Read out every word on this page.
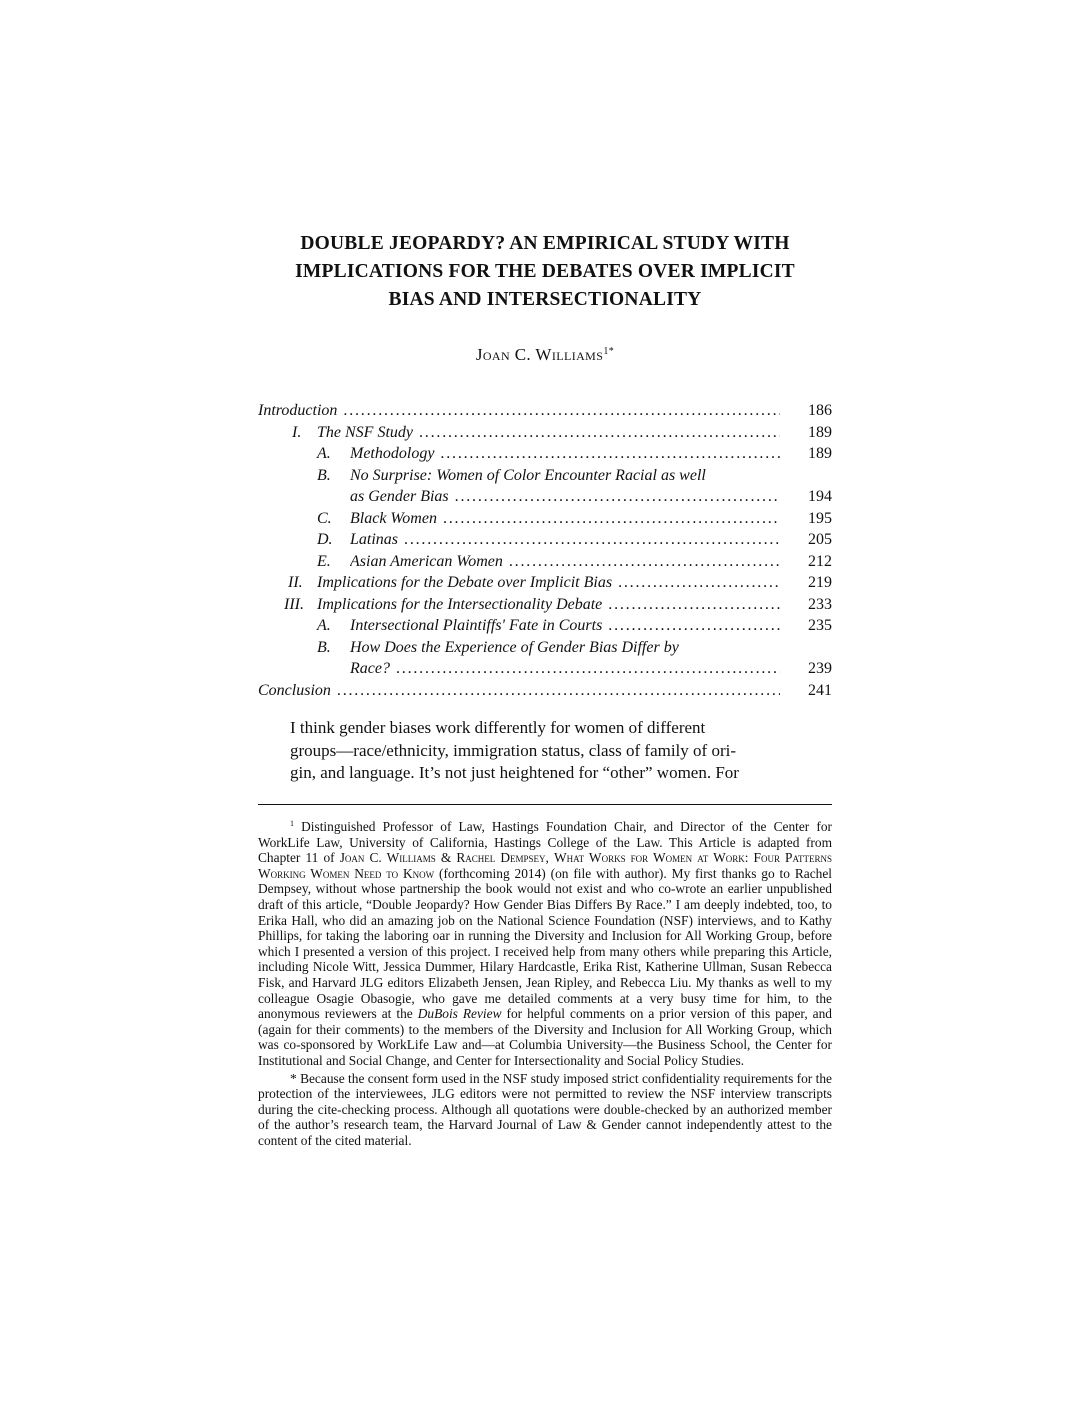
DOUBLE JEOPARDY? AN EMPIRICAL STUDY WITH
IMPLICATIONS FOR THE DEBATES OVER IMPLICIT
BIAS AND INTERSECTIONALITY
Joan C. Williams$^{1*}$
Introduction . . .	186
I. The NSF Study . . .	189
A. Methodology . . .	189
B. No Surprise: Women of Color Encounter Racial as well
as Gender Bias . . .	194
C. Black Women . . .	195
D. Latinas . . .	205
E. Asian American Women . . .	212
II. Implications for the Debate over Implicit Bias . . .	219
III. Implications for the Intersectionality Debate . . .	233
A. Intersectional Plaintiffs' Fate in Courts . . .	235
B. How Does the Experience of Gender Bias Differ by
Race? . . .	239
Conclusion . . .	241
I think gender biases work differently for women of different
groups—race/ethnicity, immigration status, class of family of ori-
gin, and language. It’s not just heightened for “other” women. For

$^1$ Distinguished Professor of Law, Hastings Foundation Chair, and Director of the Center for WorkLife Law, University of California, Hastings College of the Law. This Article is adapted from Chapter 11 of Joan C. Williams & Rachel Dempsey, What Works for Women at Work: Four Patterns Working Women Need to Know (forthcoming 2014) (on file with author). My first thanks go to Rachel Dempsey, without whose partnership the book would not exist and who co-wrote an earlier unpublished draft of this article, “Double Jeopardy? How Gender Bias Differs By Race.” I am deeply indebted, too, to Erika Hall, who did an amazing job on the National Science Foundation (NSF) interviews, and to Kathy Phillips, for taking the laboring oar in running the Diversity and Inclusion for All Working Group, before which I presented a version of this project. I received help from many others while preparing this Article, including Nicole Witt, Jessica Dummer, Hilary Hardcastle, Erika Rist, Katherine Ullman, Susan Rebecca Fisk, and Harvard JLG editors Elizabeth Jensen, Jean Ripley, and Rebecca Liu. My thanks as well to my colleague Osagie Obasogie, who gave me detailed comments at a very busy time for him, to the anonymous reviewers at the DuBois Review for helpful comments on a prior version of this paper, and (again for their comments) to the members of the Diversity and Inclusion for All Working Group, which was co-sponsored by WorkLife Law and—at Columbia University—the Business School, the Center for Institutional and Social Change, and Center for Intersectionality and Social Policy Studies.

* Because the consent form used in the NSF study imposed strict confidentiality requirements for the protection of the interviewees, JLG editors were not permitted to review the NSF interview transcripts during the cite-checking process. Although all quotations were double-checked by an authorized member of the author’s research team, the Harvard Journal of Law & Gender cannot independently attest to the content of the cited material.
